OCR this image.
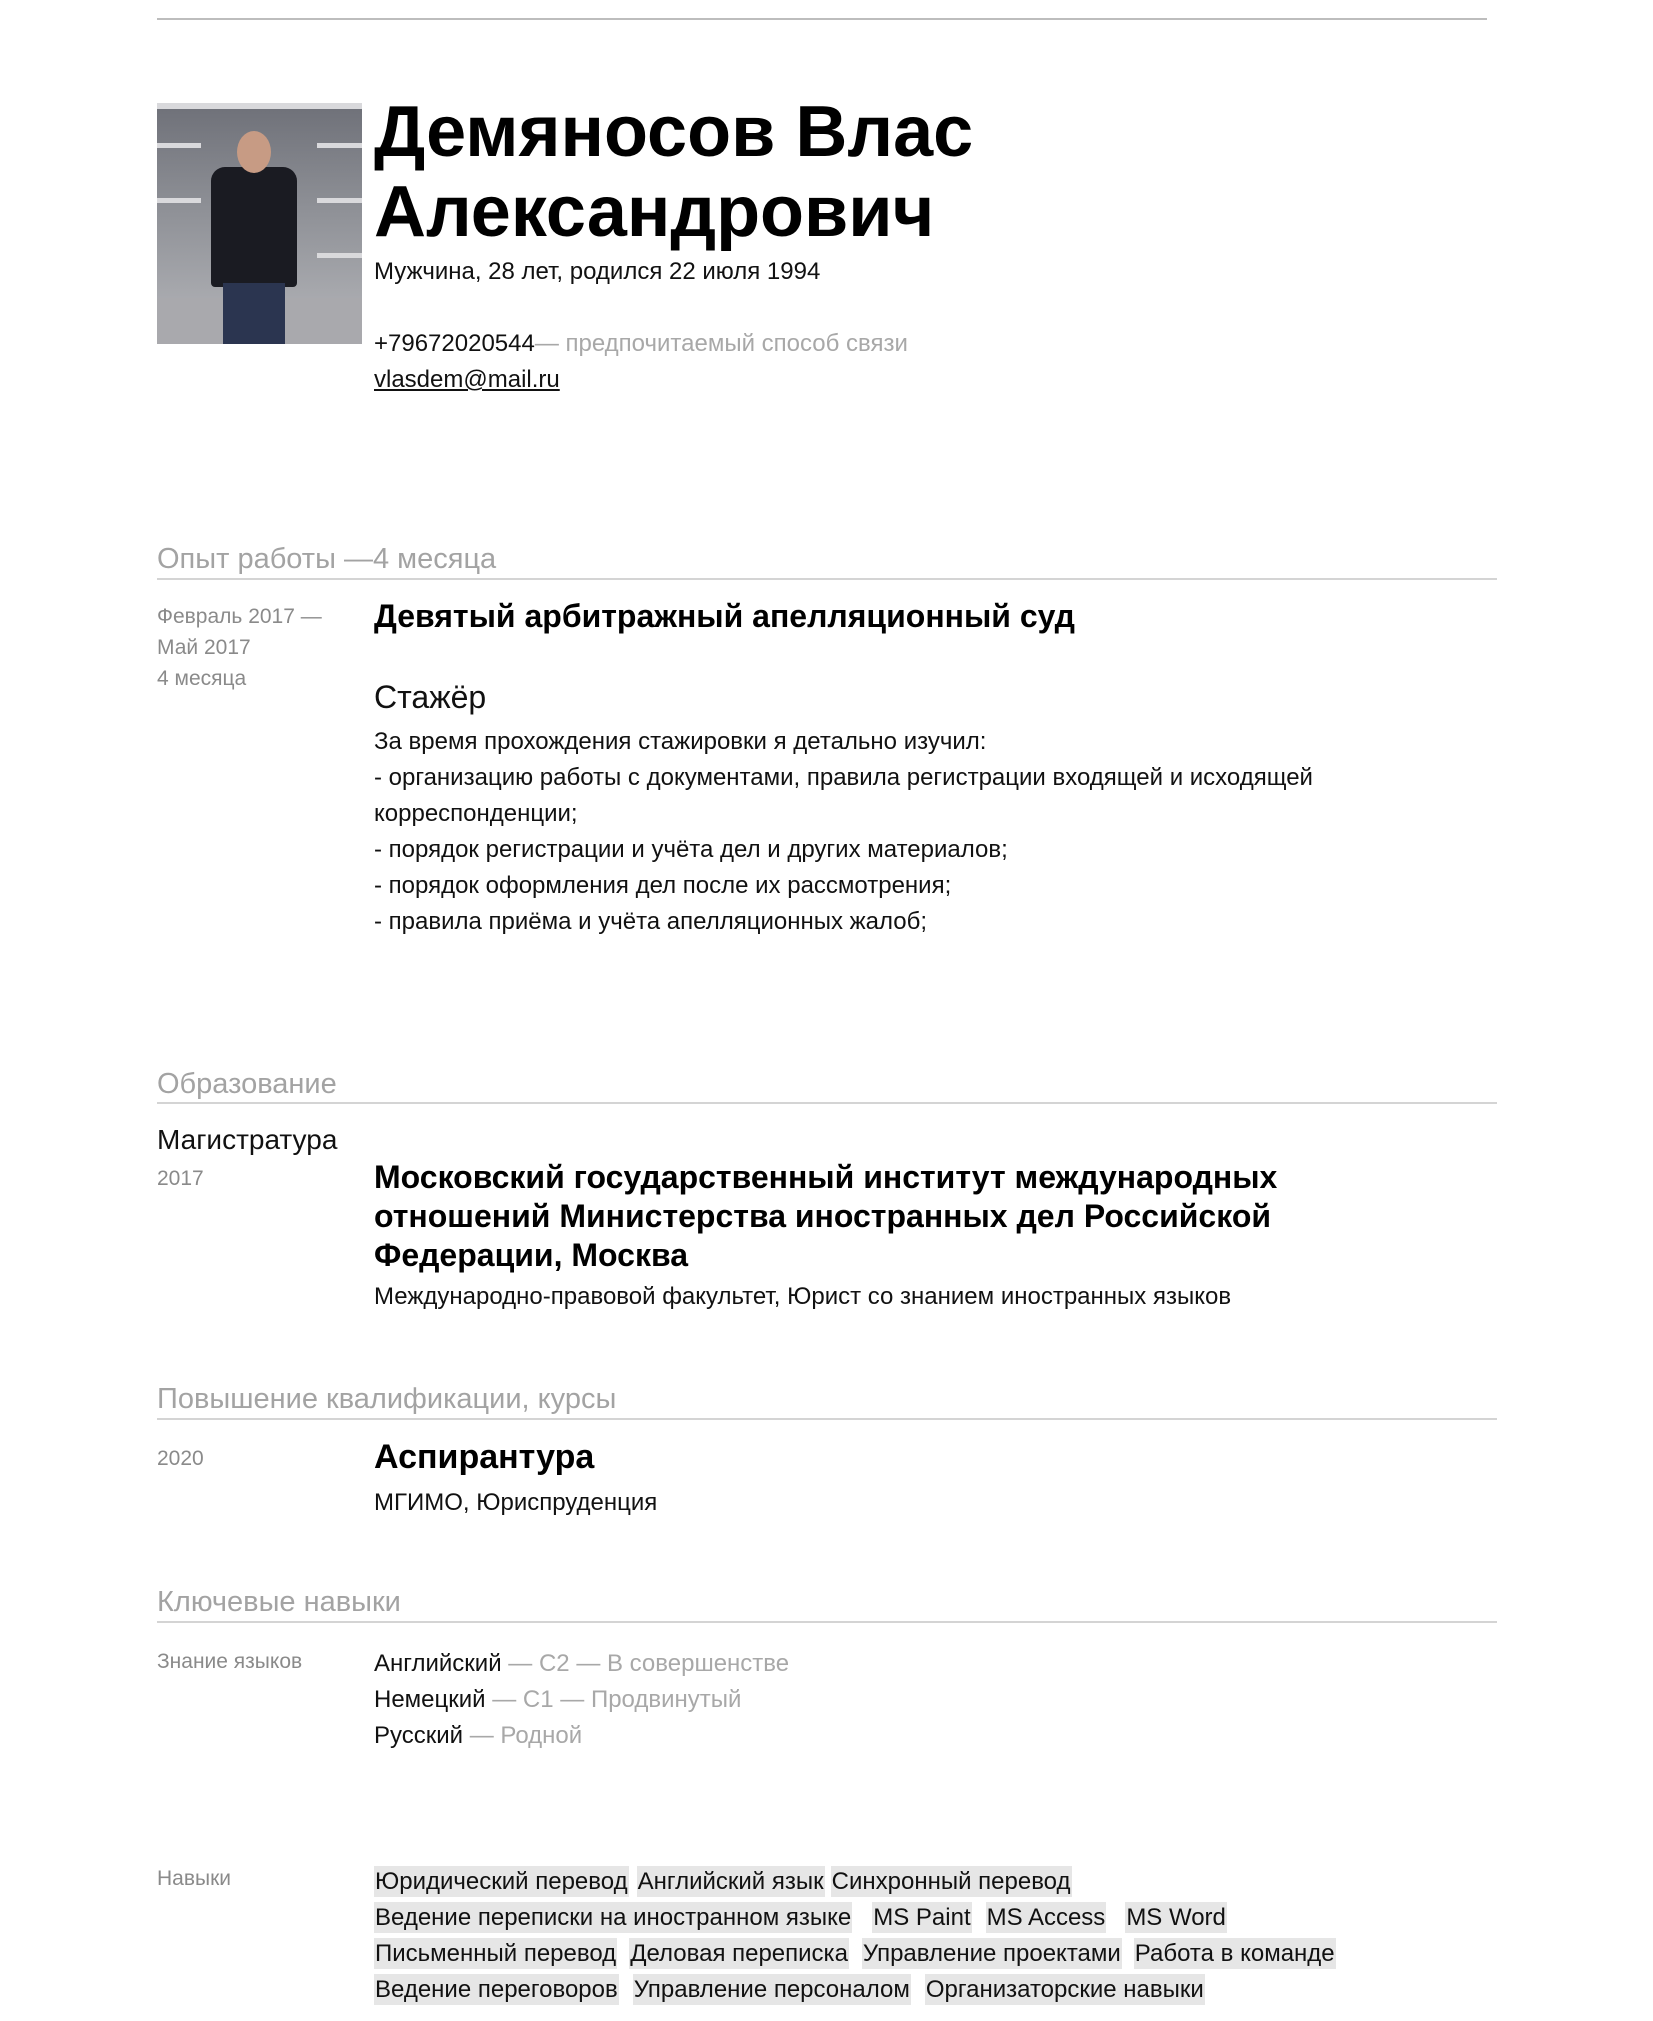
Демяносов Влас
Александрович
Мужчина, 28 лет, родился 22 июля 1994
+79672020544— предпочитаемый способ связи
vlasdem@mail.ru
Опыт работы —4 месяца
Февраль 2017 —
Май 2017
4 месяца
Девятый арбитражный апелляционный суд
Стажёр

За время прохождения стажировки я детально изучил:

- организацию работы с документами, правила регистрации входящей и исходящей

корреспонденции;

- порядок регистрации и учёта дел и других материалов;

- порядок оформления дел после их рассмотрения;

- правила приёма и учёта апелляционных жалоб;

Образование
Магистратура
2017	Московский государственный институт международных
отношений Министерства иностранных дел Российской
Федерации, Москва
Международно-правовой факультет, Юрист со знанием иностранных языков
Повышение квалификации, курсы
2020	Аспирантура
МГИМО, Юриспруденция
Ключевые навыки
Знание языков	Английский — C2 — В совершенстве
Немецкий — C1 — Продвинутый
Русский — Родной
Навыки	Юридический перевод Английский язык Синхронный перевод
Ведение переписки на иностранном языке MS Paint MS Access MS Word
Письменный перевод Деловая переписка Управление проектами Работа в команде
Ведение переговоров Управление персоналом Организаторские навыки
